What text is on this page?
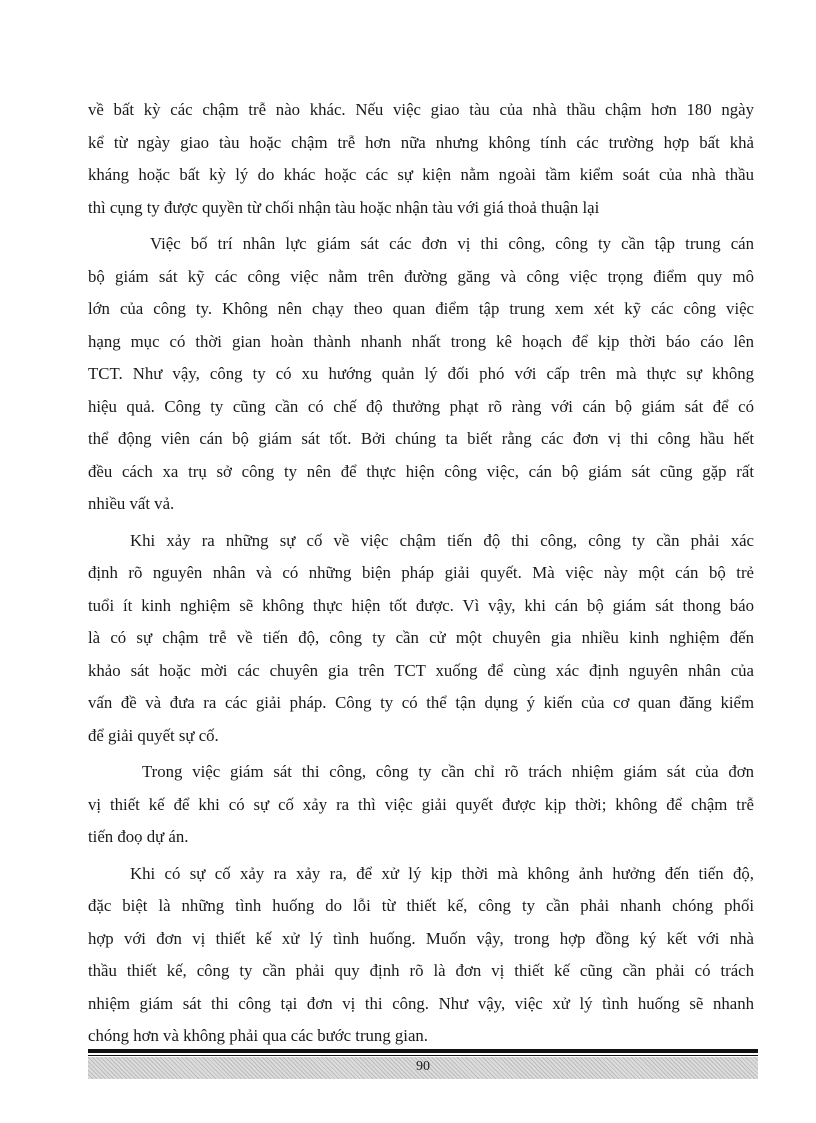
về bất kỳ các chậm trễ nào khác. Nếu việc giao tàu của nhà thầu chậm hơn 180 ngày
kể từ ngày giao tàu hoặc chậm trễ hơn nữa nhưng không tính các trường hợp bất khả
kháng hoặc bất kỳ lý do khác hoặc các sự kiện nằm ngoài tầm kiểm soát của nhà thầu
thì cụng ty được quyền từ chối nhận tàu hoặc nhận tàu với giá thoả thuận lại
Việc bố trí nhân lực giám sát các đơn vị thi công, công ty cần tập trung cán
bộ giám sát kỹ các công việc nằm trên đường găng và công việc trọng điểm quy mô
lớn của công ty. Không nên chạy theo quan điểm tập trung xem xét kỹ các công việc
hạng mục có thời gian hoàn thành nhanh nhất trong kê hoạch để kịp thời báo cáo lên
TCT. Như vậy, công ty có xu hướng quản lý đối phó với cấp trên mà thực sự không
hiệu quả. Công ty cũng cần có chế độ thưởng phạt rõ ràng với cán bộ giám sát để có
thể động viên cán bộ giám sát tốt. Bởi chúng ta biết rằng các đơn vị thi công hầu hết
đều cách xa trụ sở công ty nên để thực hiện công việc, cán bộ giám sát cũng gặp rất
nhiều vất vả.
Khi xảy ra những sự cố về việc chậm tiến độ thi công, công ty cần phải xác
định rõ nguyên nhân và có những biện pháp giải quyết. Mà việc này một cán bộ trẻ
tuổi ít kinh nghiệm sẽ không thực hiện tốt được. Vì vậy, khi cán bộ giám sát thong báo
là có sự chậm trễ về tiến độ, công ty cần cử một chuyên gia nhiều kinh nghiệm đến
khảo sát hoặc mời các chuyên gia trên TCT xuống để cùng xác định nguyên nhân của
vấn đề và đưa ra các giải pháp. Công ty có thể tận dụng ý kiến của cơ quan đăng kiểm
để giải quyết sự cố.
Trong việc giám sát thi công, công ty cần chỉ rõ trách nhiệm giám sát của đơn
vị thiết kế để khi có sự cố xảy ra thì việc giải quyết được kịp thời; không để chậm trễ
tiến đoọ dự án.
Khi có sự cố xảy ra xảy ra, để xử lý kịp thời mà không ảnh hưởng đến tiến độ,
đặc biệt là những tình huống do lỗi từ thiết kế, công ty cần phải nhanh chóng phối
hợp với đơn vị thiết kế xử lý tình huống. Muốn vậy, trong hợp đồng ký kết với nhà
thầu thiết kế, công ty cần phải quy định rõ là đơn vị thiết kế cũng cần phải có trách
nhiệm giám sát thi công tại đơn vị thi công. Như vậy, việc xử lý tình huống sẽ nhanh
chóng hơn và không phải qua các bước trung gian.
90
